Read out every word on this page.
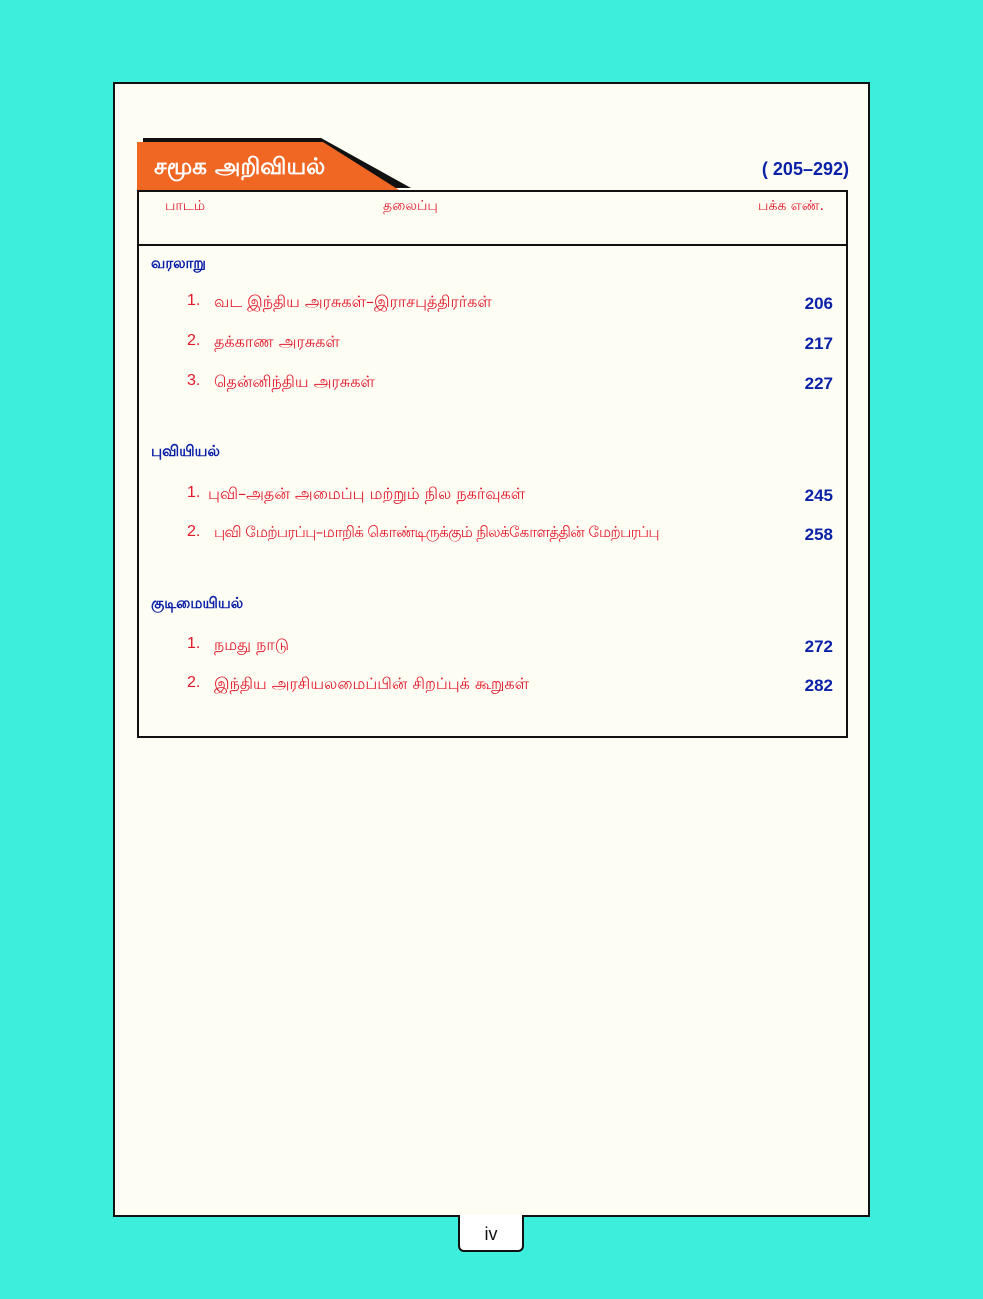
சமூக அறிவியல்	( 205–292)
பாடம்	தலைப்பு	பக்க எண்.
வரலாறு
1. வட இந்திய அரசுகள்–இராசபுத்திரர்கள்	206
2. தக்காண அரசுகள்	217
3. தென்னிந்திய அரசுகள்	227
புவியியல்
1. புவி–அதன் அமைப்பு மற்றும் நில நகர்வுகள்	245
2. புவி மேற்பரப்பு–மாறிக் கொண்டிருக்கும் நிலக்கோளத்தின் மேற்பரப்பு	258
குடிமையியல்
1. நமது நாடு	272
2. இந்திய அரசியலமைப்பின் சிறப்புக் கூறுகள்	282
iv
